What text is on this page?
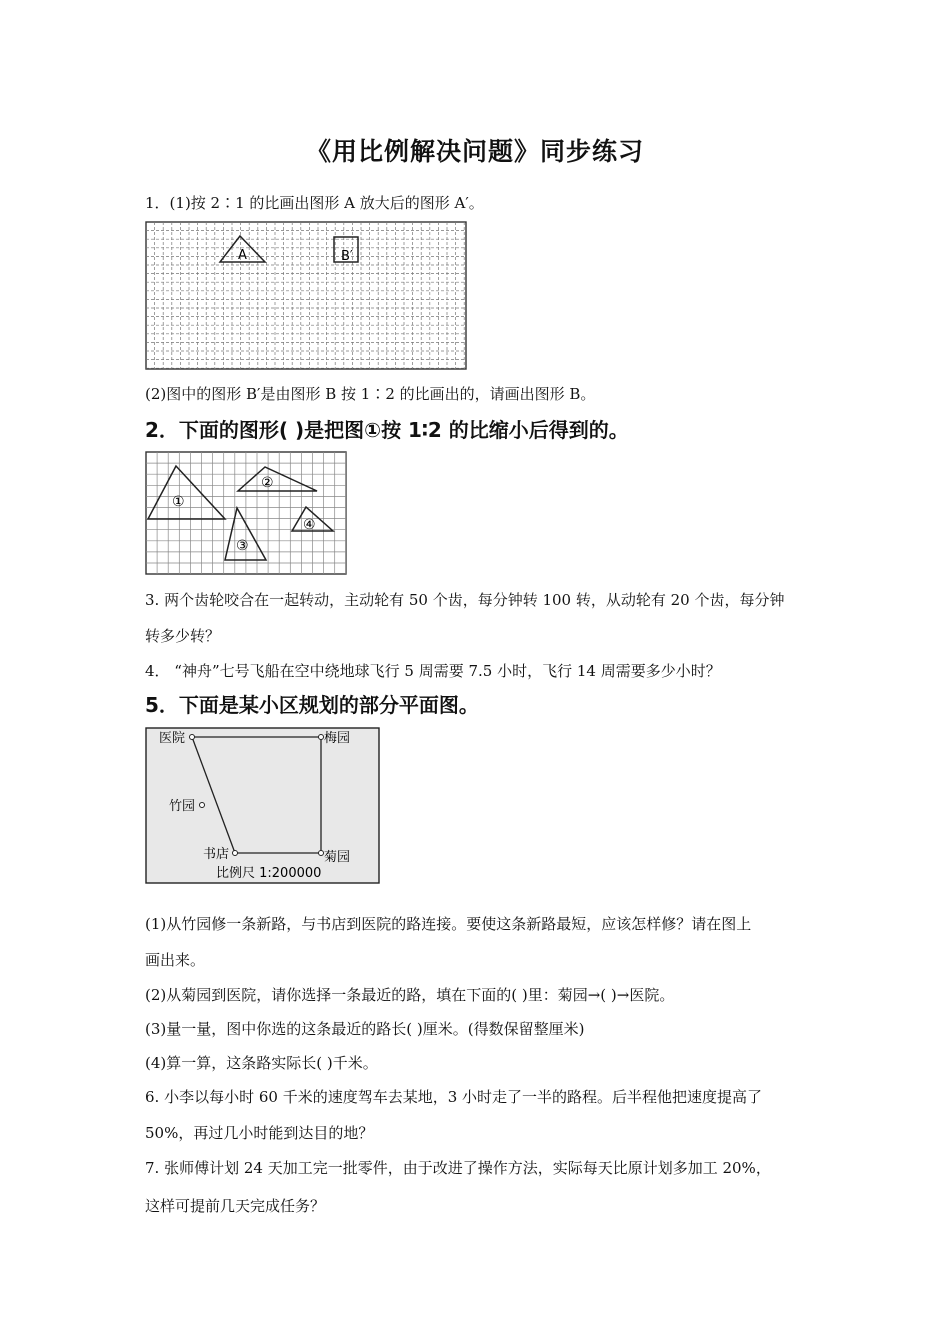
《用比例解决问题》同步练习
1．(1)按 2∶1 的比画出图形 A 放大后的图形 A′。
A	B′
(2)图中的图形 B′是由图形 B 按 1∶2 的比画出的，请画出图形 B。
2．下面的图形( )是把图①按 1∶2 的比缩小后得到的。
①
②
③
④
3. 两个齿轮咬合在一起转动，主动轮有 50 个齿，每分钟转 100 转，从动轮有 20 个齿，每分钟
转多少转？
4． “神舟”七号飞船在空中绕地球飞行 5 周需要 7.5 小时，飞行 14 周需要多少小时？
5．下面是某小区规划的部分平面图。
医院	梅园
竹园
书店	菊园
比例尺 1:200000
(1)从竹园修一条新路，与书店到医院的路连接。要使这条新路最短，应该怎样修？请在图上
画出来。
(2)从菊园到医院，请你选择一条最近的路，填在下面的( )里：菊园→( )→医院。
(3)量一量，图中你选的这条最近的路长( )厘米。(得数保留整厘米)
(4)算一算，这条路实际长( )千米。
6. 小李以每小时 60 千米的速度驾车去某地，3 小时走了一半的路程。后半程他把速度提高了
50%，再过几小时能到达目的地？
7. 张师傅计划 24 天加工完一批零件，由于改进了操作方法，实际每天比原计划多加工 20%，
这样可提前几天完成任务？
